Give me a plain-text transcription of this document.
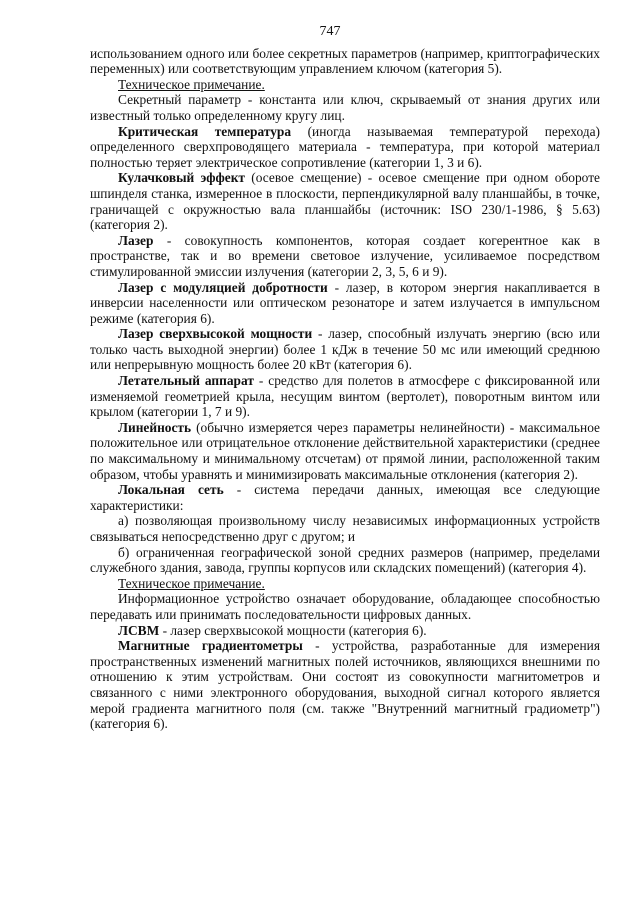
747

использованием одного или более секретных параметров (например, криптографических переменных) или соответствующим управлением ключом (категория 5).

Техническое примечание.

Секретный параметр - константа или ключ, скрываемый от знания других или известный только определенному кругу лиц.

Критическая температура (иногда называемая температурой перехода) определенного сверхпроводящего материала - температура, при которой материал полностью теряет электрическое сопротивление (категории 1, 3 и 6).

Кулачковый эффект (осевое смещение) - осевое смещение при одном обороте шпинделя станка, измеренное в плоскости, перпендикулярной валу планшайбы, в точке, граничащей с окружностью вала планшайбы (источник: ISO 230/1-1986, § 5.63) (категория 2).

Лазер - совокупность компонентов, которая создает когерентное как в пространстве, так и во времени световое излучение, усиливаемое посредством стимулированной эмиссии излучения (категории 2, 3, 5, 6 и 9).

Лазер с модуляцией добротности - лазер, в котором энергия накапливается в инверсии населенности или оптическом резонаторе и затем излучается в импульсном режиме (категория 6).

Лазер сверхвысокой мощности - лазер, способный излучать энергию (всю или только часть выходной энергии) более 1 кДж в течение 50 мс или имеющий среднюю или непрерывную мощность более 20 кВт (категория 6).

Летательный аппарат - средство для полетов в атмосфере с фиксированной или изменяемой геометрией крыла, несущим винтом (вертолет), поворотным винтом или крылом (категории 1, 7 и 9).

Линейность (обычно измеряется через параметры нелинейности) - максимальное положительное или отрицательное отклонение действительной характеристики (среднее по максимальному и минимальному отсчетам) от прямой линии, расположенной таким образом, чтобы уравнять и минимизировать максимальные отклонения (категория 2).

Локальная сеть - система передачи данных, имеющая все следующие характеристики:

а) позволяющая произвольному числу независимых информационных устройств связываться непосредственно друг с другом; и

б) ограниченная географической зоной средних размеров (например, пределами служебного здания, завода, группы корпусов или складских помещений) (категория 4).

Техническое примечание.

Информационное устройство означает оборудование, обладающее способностью передавать или принимать последовательности цифровых данных.

ЛСВМ - лазер сверхвысокой мощности (категория 6).

Магнитные градиентометры - устройства, разработанные для измерения пространственных изменений магнитных полей источников, являющихся внешними по отношению к этим устройствам. Они состоят из совокупности магнитометров и связанного с ними электронного оборудования, выходной сигнал которого является мерой градиента магнитного поля (см. также "Внутренний магнитный градиометр") (категория 6).
